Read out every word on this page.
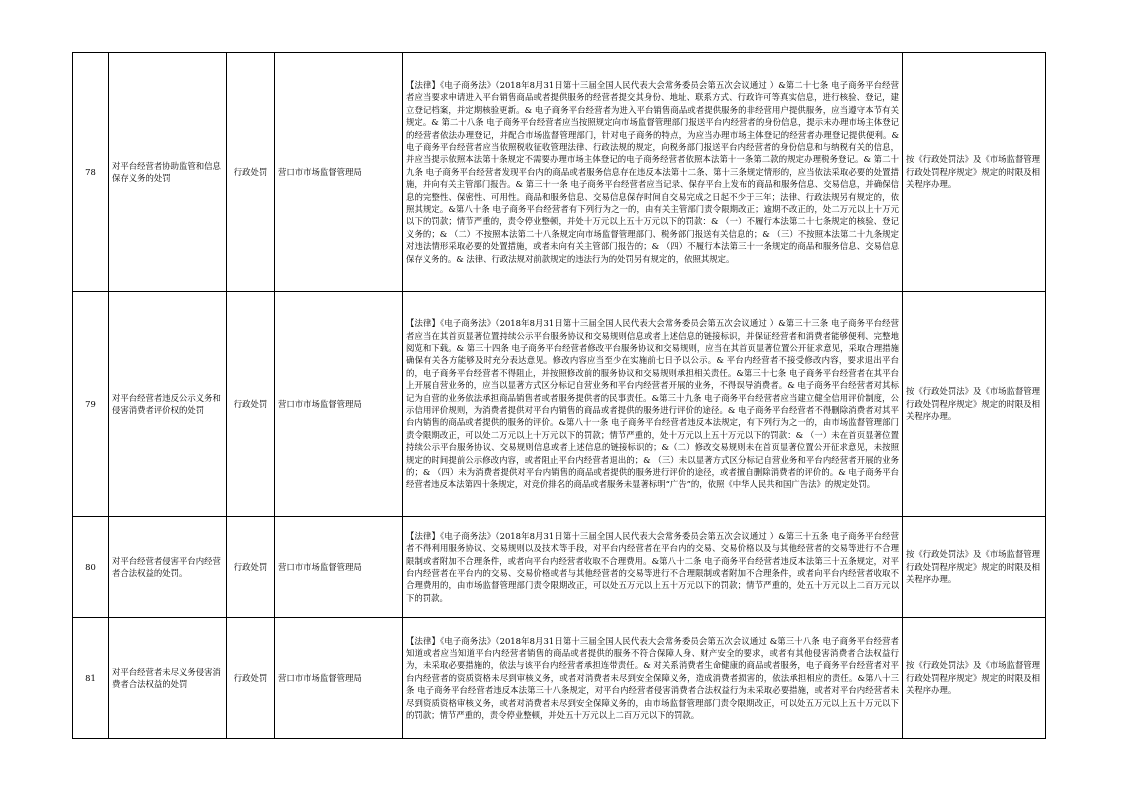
78	对平台经营者协助监管和信息保存义务的处罚	行政处罚	营口市市场监督管理局	【法律】《电子商务法》（2018年8月31日第十三届全国人民代表大会常务委员会第五次会议通过 ）&第二十七条 电子商务平台经营者应当要求申请进入平台销售商品或者提供服务的经营者提交其身份、地址、联系方式、行政许可等真实信息，进行核验、登记，建立登记档案，并定期核验更新。& 电子商务平台经营者为进入平台销售商品或者提供服务的非经营用户提供服务，应当遵守本节有关规定。& 第二十八条 电子商务平台经营者应当按照规定向市场监督管理部门报送平台内经营者的身份信息，提示未办理市场主体登记的经营者依法办理登记，并配合市场监督管理部门，针对电子商务的特点，为应当办理市场主体登记的经营者办理登记提供便利。&电子商务平台经营者应当依照税收征收管理法律、行政法规的规定，向税务部门报送平台内经营者的身份信息和与纳税有关的信息，并应当提示依照本法第十条规定不需要办理市场主体登记的电子商务经营者依照本法第十一条第二款的规定办理税务登记。& 第二十九条 电子商务平台经营者发现平台内的商品或者服务信息存在违反本法第十二条、第十三条规定情形的，应当依法采取必要的处置措施，并向有关主管部门报告。& 第三十一条 电子商务平台经营者应当记录、保存平台上发布的商品和服务信息、交易信息，并确保信息的完整性、保密性、可用性。商品和服务信息、交易信息保存时间自交易完成之日起不少于三年；法律、行政法规另有规定的，依照其规定。&第八十条 电子商务平台经营者有下列行为之一的，由有关主管部门责令限期改正；逾期不改正的，处二万元以上十万元以下的罚款；情节严重的，责令停业整顿，并处十万元以上五十万元以下的罚款：& （一）不履行本法第二十七条规定的核验、登记义务的；& （二）不按照本法第二十八条规定向市场监督管理部门、税务部门报送有关信息的；& （三）不按照本法第二十九条规定对违法情形采取必要的处置措施，或者未向有关主管部门报告的；& （四）不履行本法第三十一条规定的商品和服务信息、交易信息保存义务的。& 法律、行政法规对前款规定的违法行为的处罚另有规定的，依照其规定。	按《行政处罚法》及《市场监督管理行政处罚程序规定》规定的时限及相关程序办理。
79	对平台经营者违反公示义务和侵害消费者评价权的处罚	行政处罚	营口市市场监督管理局	【法律】《电子商务法》（2018年8月31日第十三届全国人民代表大会常务委员会第五次会议通过 ）&第三十三条 电子商务平台经营者应当在其首页显著位置持续公示平台服务协议和交易规则信息或者上述信息的链接标识，并保证经营者和消费者能够便利、完整地阅览和下载。& 第三十四条 电子商务平台经营者修改平台服务协议和交易规则，应当在其首页显著位置公开征求意见，采取合理措施确保有关各方能够及时充分表达意见。修改内容应当至少在实施前七日予以公示。& 平台内经营者不接受修改内容，要求退出平台的，电子商务平台经营者不得阻止，并按照修改前的服务协议和交易规则承担相关责任。&第三十七条 电子商务平台经营者在其平台上开展自营业务的，应当以显著方式区分标记自营业务和平台内经营者开展的业务，不得误导消费者。& 电子商务平台经营者对其标记为自营的业务依法承担商品销售者或者服务提供者的民事责任。&第三十九条 电子商务平台经营者应当建立健全信用评价制度，公示信用评价规则，为消费者提供对平台内销售的商品或者提供的服务进行评价的途径。& 电子商务平台经营者不得删除消费者对其平台内销售的商品或者提供的服务的评价。&第八十一条 电子商务平台经营者违反本法规定，有下列行为之一的，由市场监督管理部门责令限期改正，可以处二万元以上十万元以下的罚款；情节严重的，处十万元以上五十万元以下的罚款：& （一）未在首页显著位置持续公示平台服务协议、交易规则信息或者上述信息的链接标识的；&（二）修改交易规则未在首页显著位置公开征求意见，未按照规定的时间提前公示修改内容，或者阻止平台内经营者退出的；& （三）未以显著方式区分标记自营业务和平台内经营者开展的业务的；& （四）未为消费者提供对平台内销售的商品或者提供的服务进行评价的途径，或者擅自删除消费者的评价的。& 电子商务平台经营者违反本法第四十条规定，对竞价排名的商品或者服务未显著标明“广告”的，依照《中华人民共和国广告法》的规定处罚。	按《行政处罚法》及《市场监督管理行政处罚程序规定》规定的时限及相关程序办理。
80	对平台经营者侵害平台内经营者合法权益的处罚。	行政处罚	营口市市场监督管理局	【法律】《电子商务法》（2018年8月31日第十三届全国人民代表大会常务委员会第五次会议通过 ）&第三十五条 电子商务平台经营者不得利用服务协议、交易规则以及技术等手段，对平台内经营者在平台内的交易、交易价格以及与其他经营者的交易等进行不合理限制或者附加不合理条件，或者向平台内经营者收取不合理费用。&第八十二条 电子商务平台经营者违反本法第三十五条规定，对平台内经营者在平台内的交易、交易价格或者与其他经营者的交易等进行不合理限制或者附加不合理条件，或者向平台内经营者收取不合理费用的，由市场监督管理部门责令限期改正，可以处五万元以上五十万元以下的罚款；情节严重的，处五十万元以上二百万元以下的罚款。	按《行政处罚法》及《市场监督管理行政处罚程序规定》规定的时限及相关程序办理。
81	对平台经营者未尽义务侵害消费者合法权益的处罚	行政处罚	营口市市场监督管理局	【法律】《电子商务法》（2018年8月31日第十三届全国人民代表大会常务委员会第五次会议通过 &第三十八条 电子商务平台经营者知道或者应当知道平台内经营者销售的商品或者提供的服务不符合保障人身、财产安全的要求，或者有其他侵害消费者合法权益行为，未采取必要措施的，依法与该平台内经营者承担连带责任。& 对关系消费者生命健康的商品或者服务，电子商务平台经营者对平台内经营者的资质资格未尽到审核义务，或者对消费者未尽到安全保障义务，造成消费者损害的，依法承担相应的责任。&第八十三条 电子商务平台经营者违反本法第三十八条规定，对平台内经营者侵害消费者合法权益行为未采取必要措施，或者对平台内经营者未尽到资质资格审核义务，或者对消费者未尽到安全保障义务的，由市场监督管理部门责令限期改正，可以处五万元以上五十万元以下的罚款；情节严重的，责令停业整顿，并处五十万元以上二百万元以下的罚款。	按《行政处罚法》及《市场监督管理行政处罚程序规定》规定的时限及相关程序办理。
